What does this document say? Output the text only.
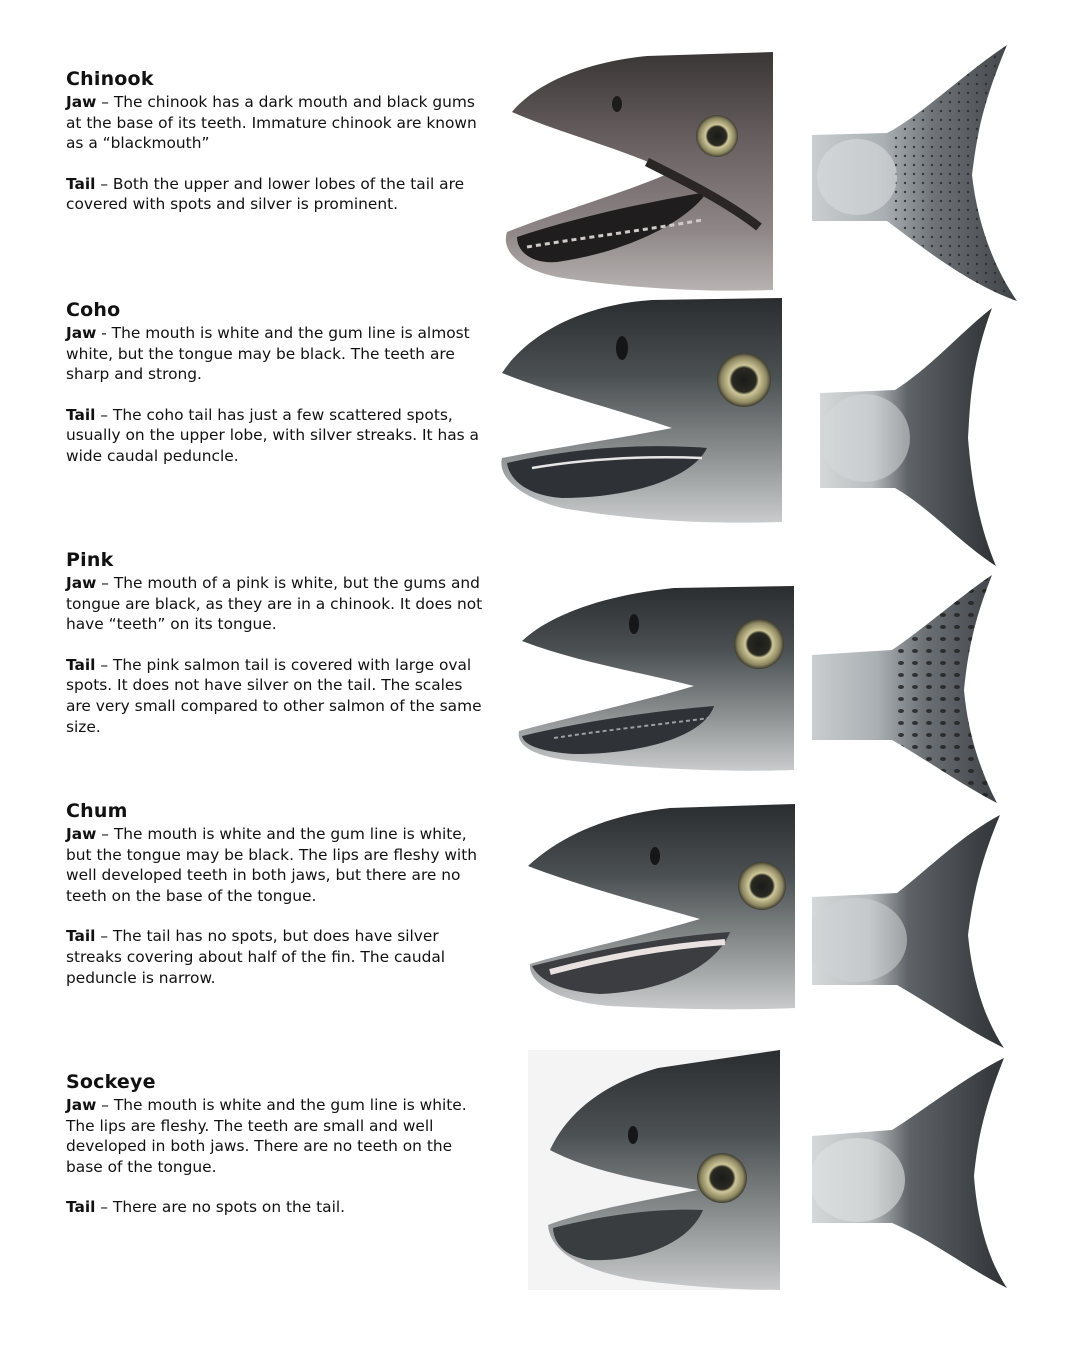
Chinook

Jaw – The chinook has a dark mouth and black gums at the base of its teeth. Immature chinook are known as a “blackmouth”

Tail – Both the upper and lower lobes of the tail are covered with spots and silver is prominent.

Coho

Jaw - The mouth is white and the gum line is almost white, but the tongue may be black. The teeth are sharp and strong.

Tail – The coho tail has just a few scattered spots, usually on the upper lobe, with silver streaks. It has a wide caudal peduncle.

Pink

Jaw – The mouth of a pink is white, but the gums and tongue are black, as they are in a chinook. It does not have “teeth” on its tongue.

Tail – The pink salmon tail is covered with large oval spots. It does not have silver on the tail. The scales are very small compared to other salmon of the same size.

Chum

Jaw – The mouth is white and the gum line is white, but the tongue may be black. The lips are fleshy with well developed teeth in both jaws, but there are no teeth on the base of the tongue.

Tail – The tail has no spots, but does have silver streaks covering about half of the fin. The caudal peduncle is narrow.

Sockeye

Jaw – The mouth is white and the gum line is white. The lips are fleshy. The teeth are small and well developed in both jaws. There are no teeth on the base of the tongue.

Tail – There are no spots on the tail.
